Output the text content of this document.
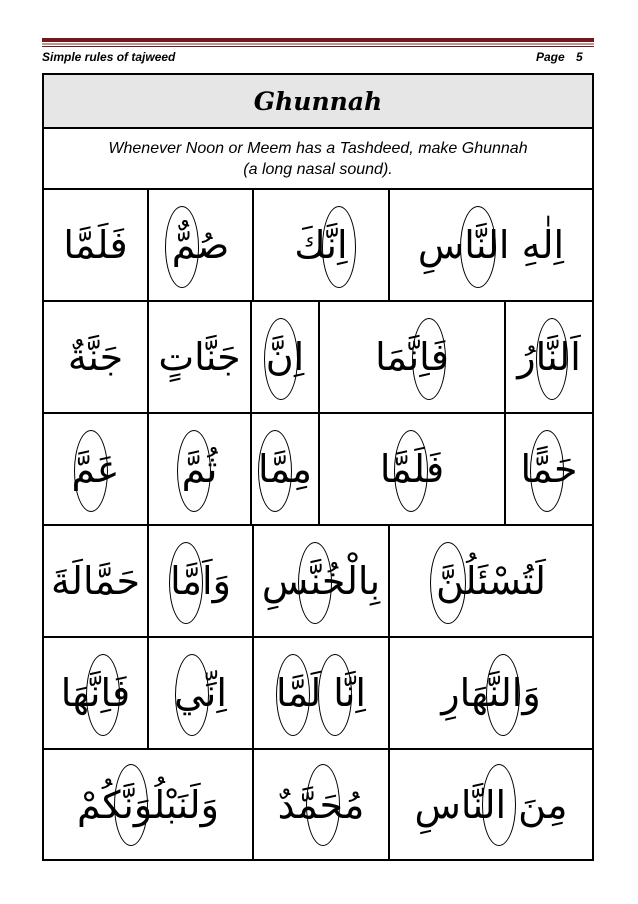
Simple rules of tajweed	Page 5
Ghunnah
Whenever Noon or Meem has a Tashdeed, make Ghunnah
(a long nasal sound).
اِلٰهِ النَّاسِ
اِنَّكَ
صُمٌّ
فَلَمَّا
اَلنَّارُ
فَاِنَّمَا
اِنَّ
جَنَّاتٍ
جَنَّةٌ
حَمًّا
فَلَمَّا
مِمَّا
ثُمَّ
عَمَّ
لَتُسْئَلُنَّ
بِالْخُنَّسِ
وَاَمَّا
حَمَّالَةَ
وَالنَّهَارِ
اِنَّا لَمَّا
اِنِّي
فَاِنَّهَا
مِنَ النَّاسِ
مُحَمَّدٌ
وَلَنَبْلُوَنَّكُمْ
